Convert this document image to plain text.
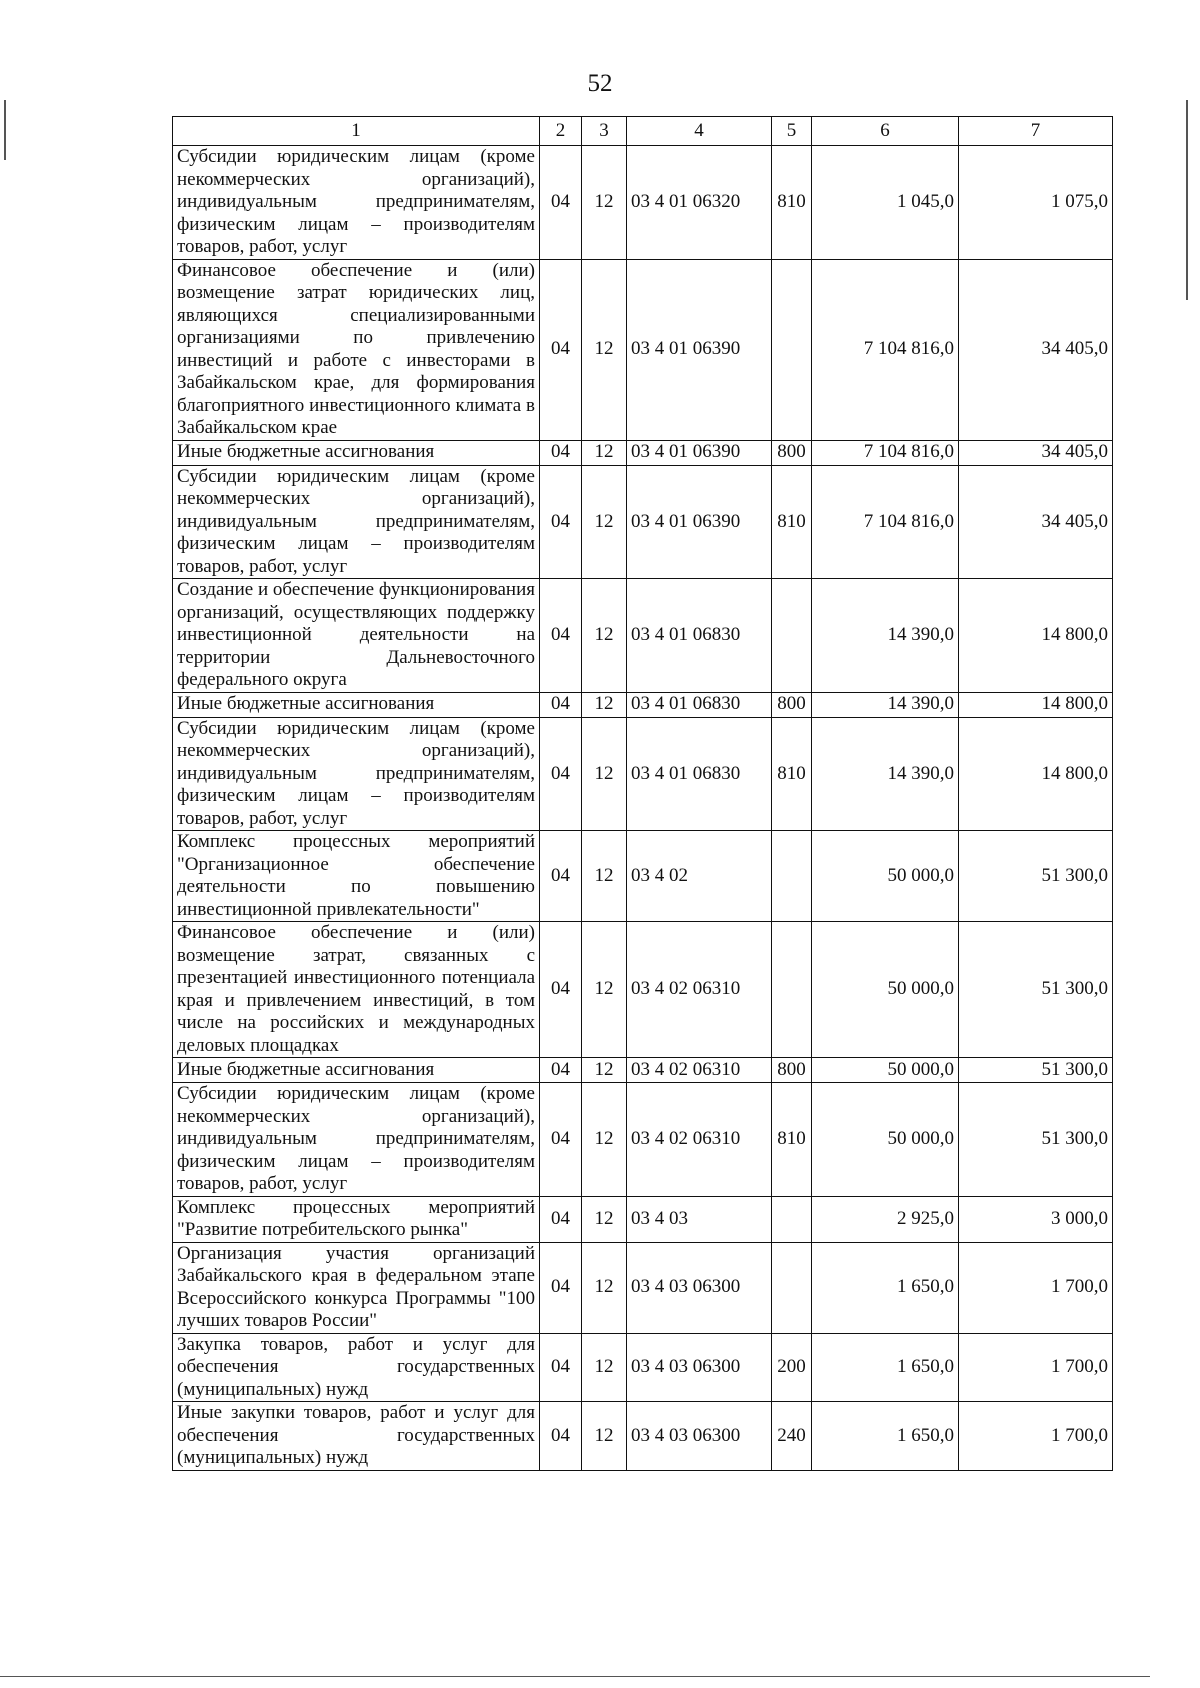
52
1	2	3	4	5	6	7
Субсидии юридическим лицам (кроме некоммерческих организаций), индивидуальным предпринимателям, физическим лицам – производителям товаров, работ, услуг	04	12	03 4 01 06320	810	1 045,0	1 075,0
Финансовое обеспечение и (или) возмещение затрат юридических лиц, являющихся специализированными организациями по привлечению инвестиций и работе с инвесторами в Забайкальском крае, для формирования благоприятного инвестиционного климата в Забайкальском крае	04	12	03 4 01 06390		7 104 816,0	34 405,0
Иные бюджетные ассигнования	04	12	03 4 01 06390	800	7 104 816,0	34 405,0
Субсидии юридическим лицам (кроме некоммерческих организаций), индивидуальным предпринимателям, физическим лицам – производителям товаров, работ, услуг	04	12	03 4 01 06390	810	7 104 816,0	34 405,0
Создание и обеспечение функционирования организаций, осуществляющих поддержку инвестиционной деятельности на территории Дальневосточного федерального округа	04	12	03 4 01 06830		14 390,0	14 800,0
Иные бюджетные ассигнования	04	12	03 4 01 06830	800	14 390,0	14 800,0
Субсидии юридическим лицам (кроме некоммерческих организаций), индивидуальным предпринимателям, физическим лицам – производителям товаров, работ, услуг	04	12	03 4 01 06830	810	14 390,0	14 800,0
Комплекс процессных мероприятий "Организационное обеспечение деятельности по повышению инвестиционной привлекательности"	04	12	03 4 02		50 000,0	51 300,0
Финансовое обеспечение и (или) возмещение затрат, связанных с презентацией инвестиционного потенциала края и привлечением инвестиций, в том числе на российских и международных деловых площадках	04	12	03 4 02 06310		50 000,0	51 300,0
Иные бюджетные ассигнования	04	12	03 4 02 06310	800	50 000,0	51 300,0
Субсидии юридическим лицам (кроме некоммерческих организаций), индивидуальным предпринимателям, физическим лицам – производителям товаров, работ, услуг	04	12	03 4 02 06310	810	50 000,0	51 300,0
Комплекс процессных мероприятий "Развитие потребительского рынка"	04	12	03 4 03		2 925,0	3 000,0
Организация участия организаций Забайкальского края в федеральном этапе Всероссийского конкурса Программы "100 лучших товаров России"	04	12	03 4 03 06300		1 650,0	1 700,0
Закупка товаров, работ и услуг для обеспечения государственных (муниципальных) нужд	04	12	03 4 03 06300	200	1 650,0	1 700,0
Иные закупки товаров, работ и услуг для обеспечения государственных (муниципальных) нужд	04	12	03 4 03 06300	240	1 650,0	1 700,0
